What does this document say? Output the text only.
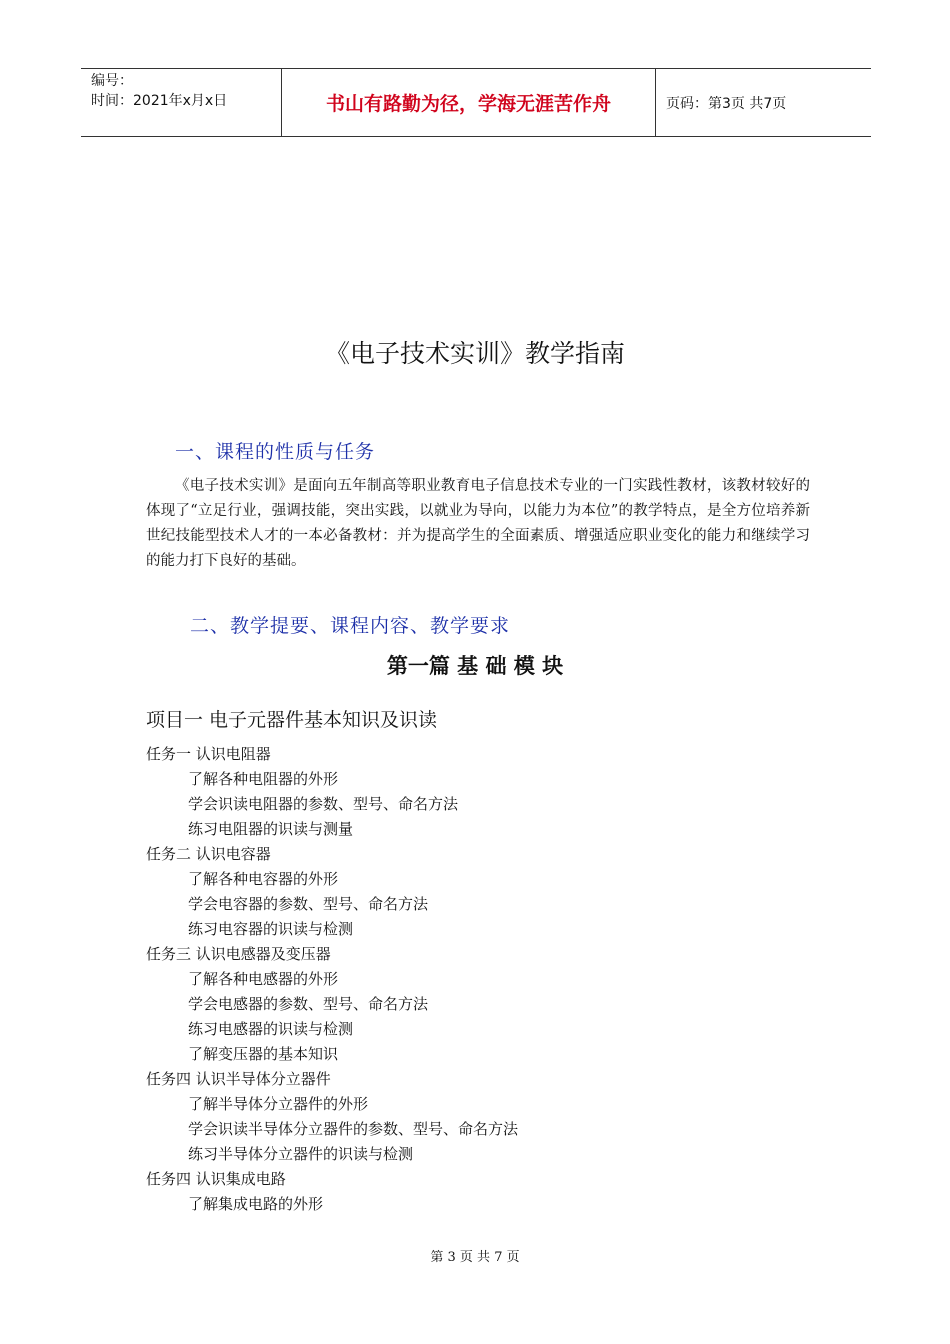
编号：
时间：2021年x月x日	书山有路勤为径，学海无涯苦作舟	页码：第3页 共7页
《电子技术实训》教学指南
一、课程的性质与任务

《电子技术实训》是面向五年制高等职业教育电子信息技术专业的一门实践性教材，该教材较好的体现了“立足行业，强调技能，突出实践，以就业为导向，以能力为本位”的教学特点，是全方位培养新世纪技能型技术人才的一本必备教材：并为提高学生的全面素质、增强适应职业变化的能力和继续学习的能力打下良好的基础。

二、教学提要、课程内容、教学要求
第一篇 基 础 模 块
项目一 电子元器件基本知识及识读
任务一 认识电阻器
了解各种电阻器的外形
学会识读电阻器的参数、型号、命名方法
练习电阻器的识读与测量
任务二 认识电容器
了解各种电容器的外形
学会电容器的参数、型号、命名方法
练习电容器的识读与检测
任务三 认识电感器及变压器
了解各种电感器的外形
学会电感器的参数、型号、命名方法
练习电感器的识读与检测
了解变压器的基本知识
任务四 认识半导体分立器件
了解半导体分立器件的外形
学会识读半导体分立器件的参数、型号、命名方法
练习半导体分立器件的识读与检测
任务四 认识集成电路
了解集成电路的外形
第 3 页 共 7 页
